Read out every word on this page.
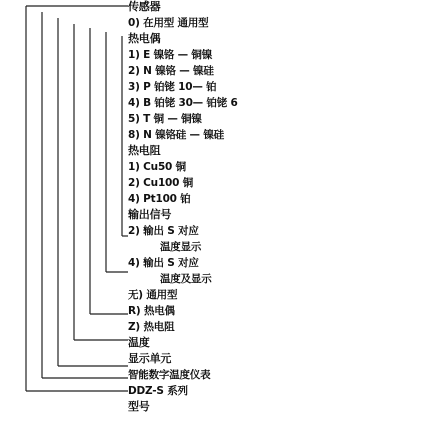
传感器
0) 在用型 通用型
热电偶
1) E 镍铬 — 铜镍
2) N 镍铬 — 镍硅
3) P 铂铑 10— 铂
4) B 铂铑 30— 铂铑 6
5) T 铜 — 铜镍
8) N 镍铬硅 — 镍硅
热电阻
1) Cu50 铜
2) Cu100 铜
4) Pt100 铂
输出信号
2) 输出 S 对应
温度显示
4) 输出 S 对应
温度及显示
无) 通用型
R) 热电偶
Z) 热电阻
温度
显示单元
智能数字温度仪表
DDZ-S 系列
型号
